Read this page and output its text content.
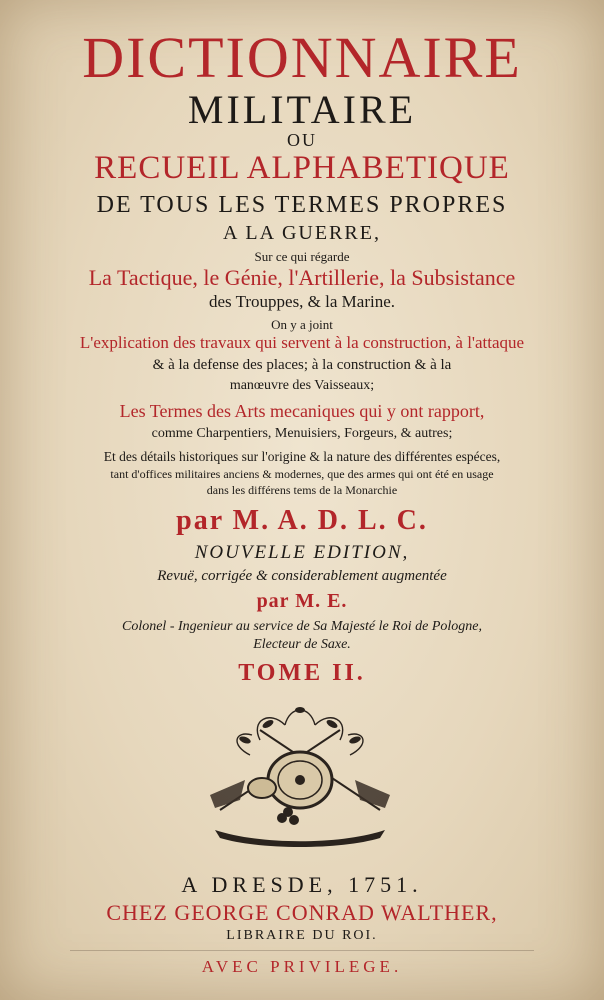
DICTIONNAIRE
MILITAIRE
OU
RECUEIL ALPHABETIQUE
DE TOUS LES TERMES PROPRES
A LA GUERRE,
Sur ce qui régarde
La Tactique, le Génie, l'Artillerie, la Subsistance
des Trouppes, & la Marine.
On y a joint
L'explication des travaux qui servent à la construction, à l'attaque
& à la defense des places; à la construction & à la
manœuvre des Vaisseaux;
Les Termes des Arts mecaniques qui y ont rapport,
comme Charpentiers, Menuisiers, Forgeurs, & autres;
Et des détails historiques sur l'origine & la nature des différentes espéces,
tant d'offices militaires anciens & modernes, que des armes qui ont été en usage
dans les différens tems de la Monarchie
par M. A. D. L. C.
NOUVELLE EDITION,
Revuë, corrigée & considerablement augmentée
par M. E.
Colonel - Ingenieur au service de Sa Majesté le Roi de Pologne,
Electeur de Saxe.
TOME II.
A DRESDE, 1751.
CHEZ GEORGE CONRAD WALTHER,
LIBRAIRE DU ROI.
AVEC PRIVILEGE.
